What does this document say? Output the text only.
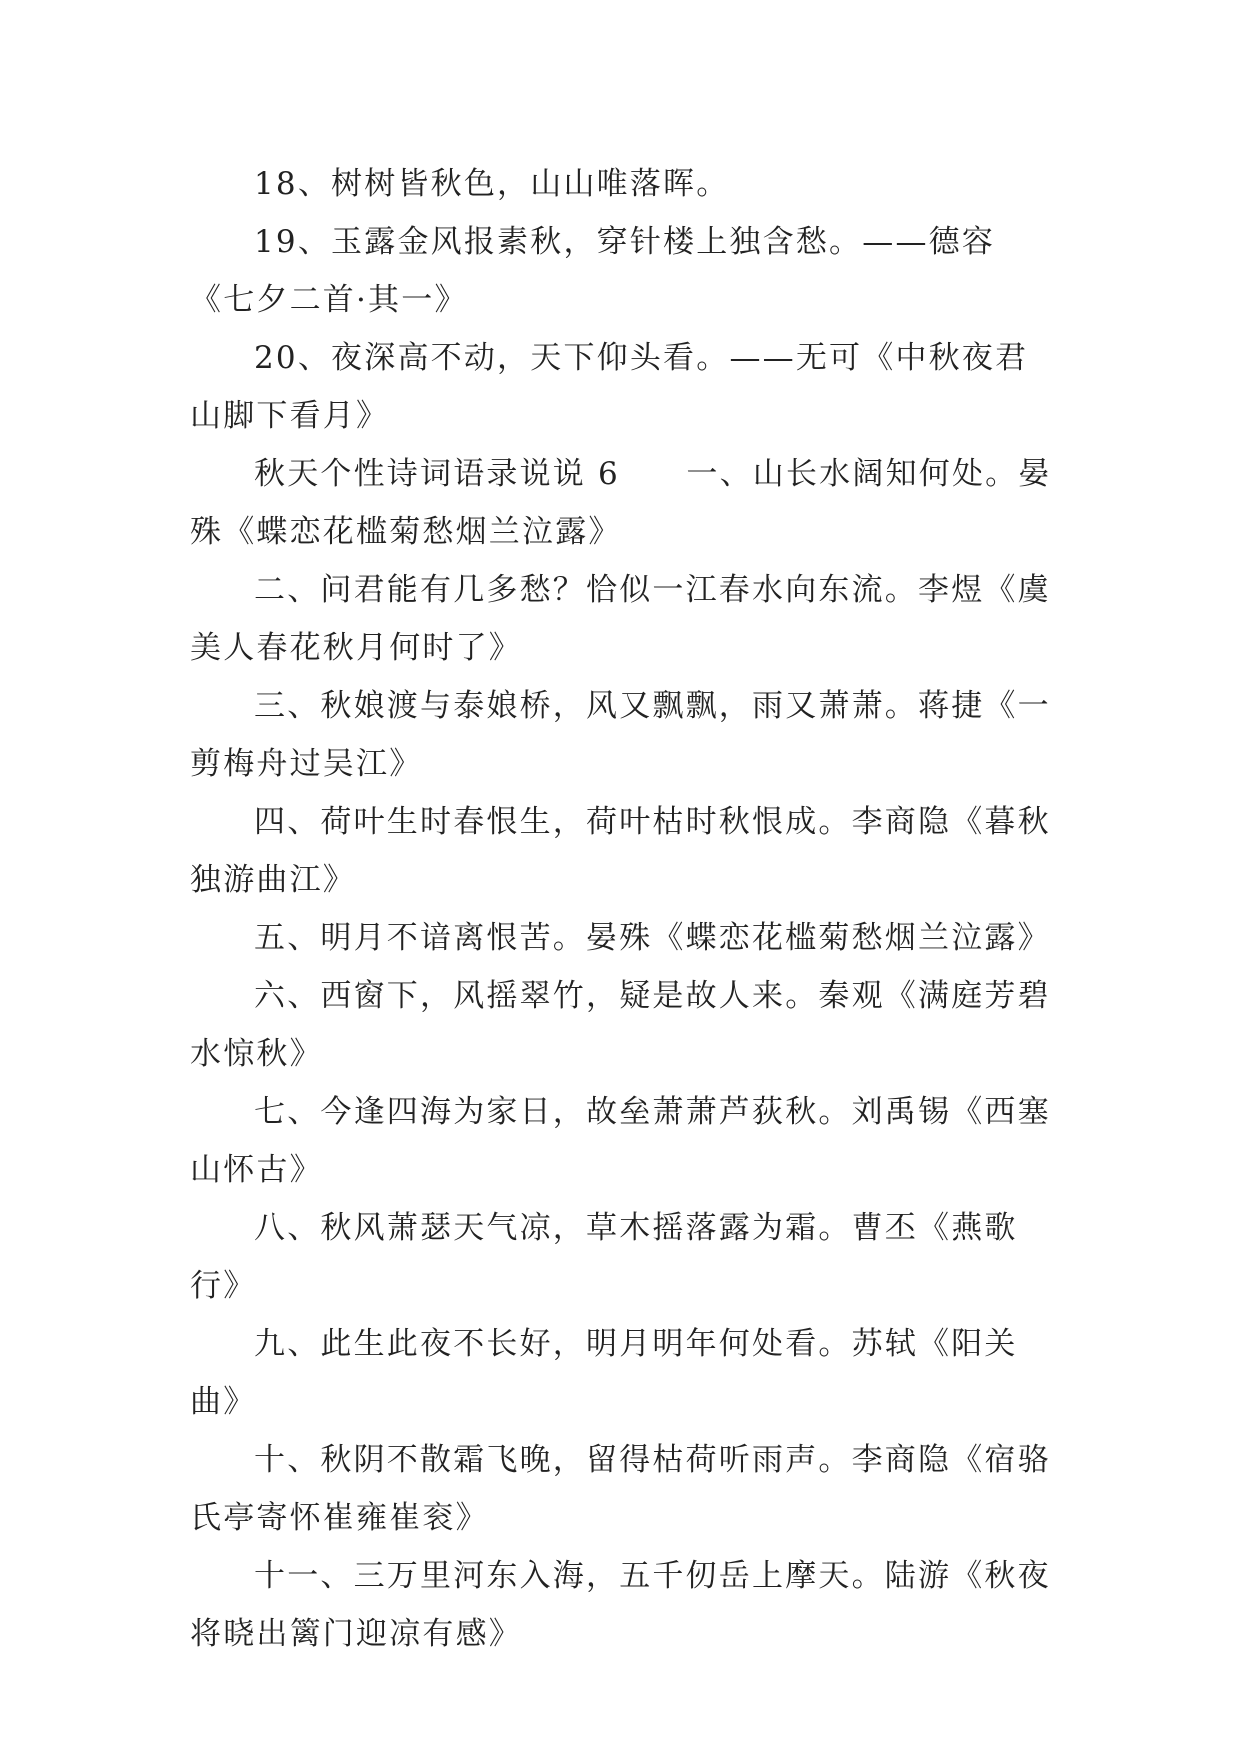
18、树树皆秋色，山山唯落晖。

19、玉露金风报素秋，穿针楼上独含愁。——德容《七夕二首·其一》

20、夜深高不动，天下仰头看。——无可《中秋夜君山脚下看月》

秋天个性诗词语录说说 6　　一、山长水阔知何处。晏殊《蝶恋花槛菊愁烟兰泣露》

二、问君能有几多愁？恰似一江春水向东流。李煜《虞美人春花秋月何时了》

三、秋娘渡与泰娘桥，风又飘飘，雨又萧萧。蒋捷《一剪梅舟过吴江》

四、荷叶生时春恨生，荷叶枯时秋恨成。李商隐《暮秋独游曲江》

五、明月不谙离恨苦。晏殊《蝶恋花槛菊愁烟兰泣露》

六、西窗下，风摇翠竹，疑是故人来。秦观《满庭芳碧水惊秋》

七、今逢四海为家日，故垒萧萧芦荻秋。刘禹锡《西塞山怀古》

八、秋风萧瑟天气凉，草木摇落露为霜。曹丕《燕歌行》

九、此生此夜不长好，明月明年何处看。苏轼《阳关曲》

十、秋阴不散霜飞晚，留得枯荷听雨声。李商隐《宿骆氏亭寄怀崔雍崔衮》

十一、三万里河东入海，五千仞岳上摩天。陆游《秋夜将晓出篱门迎凉有感》
